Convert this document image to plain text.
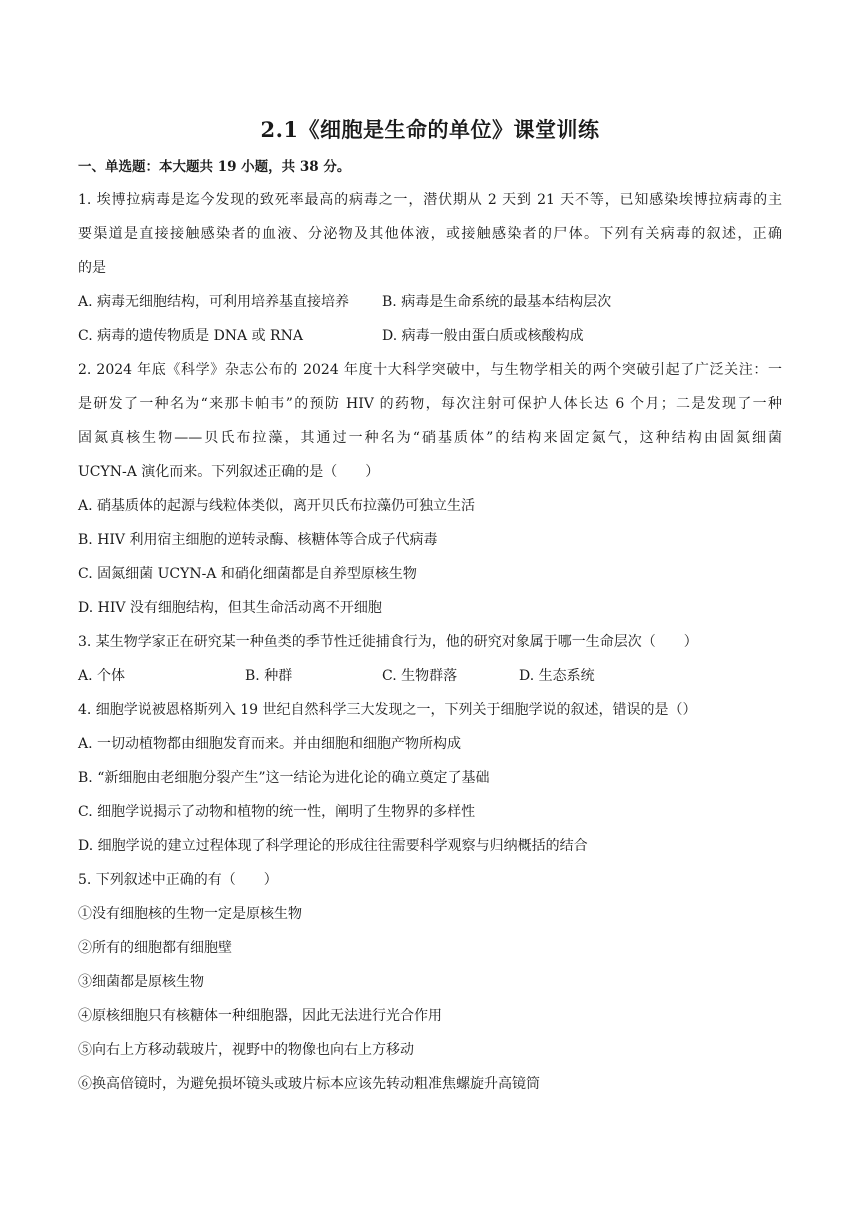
2.1《细胞是生命的单位》课堂训练
一、单选题：本大题共 19 小题，共 38 分。
1. 埃博拉病毒是迄今发现的致死率最高的病毒之一，潜伏期从 2 天到 21 天不等，已知感染埃博拉病毒的主
要渠道是直接接触感染者的血液、分泌物及其他体液，或接触感染者的尸体。下列有关病毒的叙述，正确
的是
A. 病毒无细胞结构，可利用培养基直接培养 B. 病毒是生命系统的最基本结构层次
C. 病毒的遗传物质是 DNA 或 RNA	D. 病毒一般由蛋白质或核酸构成
2. 2024 年底《科学》杂志公布的 2024 年度十大科学突破中，与生物学相关的两个突破引起了广泛关注：一
是研发了一种名为“来那卡帕韦”的预防 HIV 的药物，每次注射可保护人体长达 6 个月；二是发现了一种
固氮真核生物——贝氏布拉藻，其通过一种名为“硝基质体”的结构来固定氮气，这种结构由固氮细菌
UCYN-A 演化而来。下列叙述正确的是（　　）
A. 硝基质体的起源与线粒体类似，离开贝氏布拉藻仍可独立生活
B. HIV 利用宿主细胞的逆转录酶、核糖体等合成子代病毒
C. 固氮细菌 UCYN-A 和硝化细菌都是自养型原核生物
D. HIV 没有细胞结构，但其生命活动离不开细胞
3. 某生物学家正在研究某一种鱼类的季节性迁徙捕食行为，他的研究对象属于哪一生命层次（　　）
A. 个体	B. 种群	C. 生物群落	D. 生态系统
4. 细胞学说被恩格斯列入 19 世纪自然科学三大发现之一，下列关于细胞学说的叙述，错误的是（）
A. 一切动植物都由细胞发育而来。并由细胞和细胞产物所构成
B. “新细胞由老细胞分裂产生”这一结论为进化论的确立奠定了基础
C. 细胞学说揭示了动物和植物的统一性，阐明了生物界的多样性
D. 细胞学说的建立过程体现了科学理论的形成往往需要科学观察与归纳概括的结合
5. 下列叙述中正确的有（　　）
①没有细胞核的生物一定是原核生物
②所有的细胞都有细胞壁
③细菌都是原核生物
④原核细胞只有核糖体一种细胞器，因此无法进行光合作用
⑤向右上方移动载玻片，视野中的物像也向右上方移动
⑥换高倍镜时，为避免损坏镜头或玻片标本应该先转动粗准焦螺旋升高镜筒
